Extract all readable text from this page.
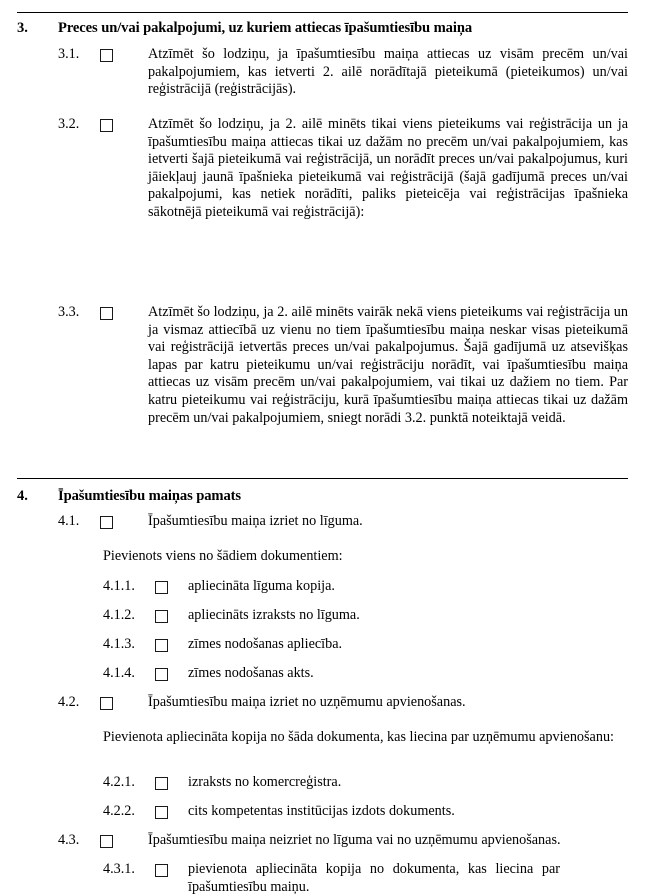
3. Preces un/vai pakalpojumi, uz kuriem attiecas īpašumtiesību maiņa
3.1.	Atzīmēt šo lodziņu, ja īpašumtiesību maiņa attiecas uz visām precēm un/vai pakalpojumiem, kas ietverti 2. ailē norādītajā pieteikumā (pieteikumos) un/vai reģistrācijā (reģistrācijās).
3.2.	Atzīmēt šo lodziņu, ja 2. ailē minēts tikai viens pieteikums vai reģistrācija un ja īpašumtiesību maiņa attiecas tikai uz dažām no precēm un/vai pakalpojumiem, kas ietverti šajā pieteikumā vai reģistrācijā, un norādīt preces un/vai pakalpojumus, kuri jāiekļauj jaunā īpašnieka pieteikumā vai reģistrācijā (šajā gadījumā preces un/vai pakalpojumi, kas netiek norādīti, paliks pieteicēja vai reģistrācijas īpašnieka sākotnējā pieteikumā vai reģistrācijā):
3.3.	Atzīmēt šo lodziņu, ja 2. ailē minēts vairāk nekā viens pieteikums vai reģistrācija un ja vismaz attiecībā uz vienu no tiem īpašumtiesību maiņa neskar visas pieteikumā vai reģistrācijā ietvertās preces un/vai pakalpojumus. Šajā gadījumā uz atsevišķas lapas par katru pieteikumu un/vai reģistrāciju norādīt, vai īpašumtiesību maiņa attiecas uz visām precēm un/vai pakalpojumiem, vai tikai uz dažiem no tiem. Par katru pieteikumu vai reģistrāciju, kurā īpašumtiesību maiņa attiecas tikai uz dažām precēm un/vai pakalpojumiem, sniegt norādi 3.2. punktā noteiktajā veidā.
4. Īpašumtiesību maiņas pamats
4.1.	Īpašumtiesību maiņa izriet no līguma.
Pievienots viens no šādiem dokumentiem:
4.1.1.	apliecināta līguma kopija.
4.1.2.	apliecināts izraksts no līguma.
4.1.3.	zīmes nodošanas apliecība.
4.1.4.	zīmes nodošanas akts.
4.2.	Īpašumtiesību maiņa izriet no uzņēmumu apvienošanas.
Pievienota apliecināta kopija no šāda dokumenta, kas liecina par uzņēmumu apvienošanu:
4.2.1.	izraksts no komercreģistra.
4.2.2.	cits kompetentas institūcijas izdots dokuments.
4.3.	Īpašumtiesību maiņa neizriet no līguma vai no uzņēmumu apvienošanas.
4.3.1.	pievienota apliecināta kopija no dokumenta, kas liecina par īpašumtiesību maiņu.
